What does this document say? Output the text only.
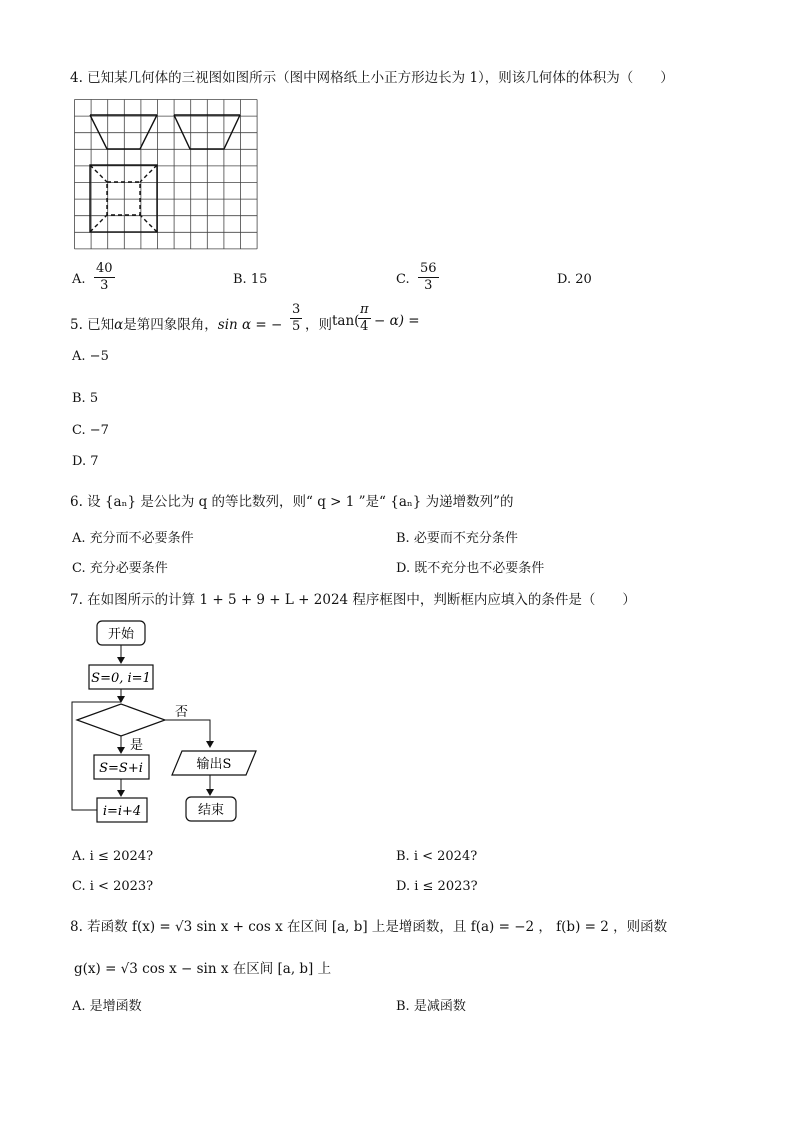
4. 已知某几何体的三视图如图所示（图中网格纸上小正方形边长为 1），则该几何体的体积为（　　）
A. $\frac{40}{3}$	B. 15	C. $\frac{56}{3}$	D. 20
5. 已知α是第四象限角，sin α = − $\frac{3}{5}$ ，则 tan(
$\frac{\pi}{4} - \alpha$) =
A. −5
B. 5
C. −7
D. 7
6. 设 {aₙ} 是公比为 q 的等比数列，则“ q > 1 ”是“ {aₙ} 为递增数列”的
A. 充分而不必要条件	B. 必要而不充分条件
C. 充分必要条件	D. 既不充分也不必要条件
7. 在如图所示的计算 1 + 5 + 9 + L + 2024 程序框图中，判断框内应填入的条件是（　　）
开始
S=0, i=1
否
是
S=S+i
i=i+4
输出S
结束
A. i ≤ 2024?	B. i < 2024?
C. i < 2023?	D. i ≤ 2023?
8. 若函数 f(x) = √3 sin x + cos x 在区间 [a, b] 上是增函数，且 f(a) = −2 ， f(b) = 2 ，则函数
g(x) = √3 cos x − sin x 在区间 [a, b] 上
A. 是增函数	B. 是减函数
